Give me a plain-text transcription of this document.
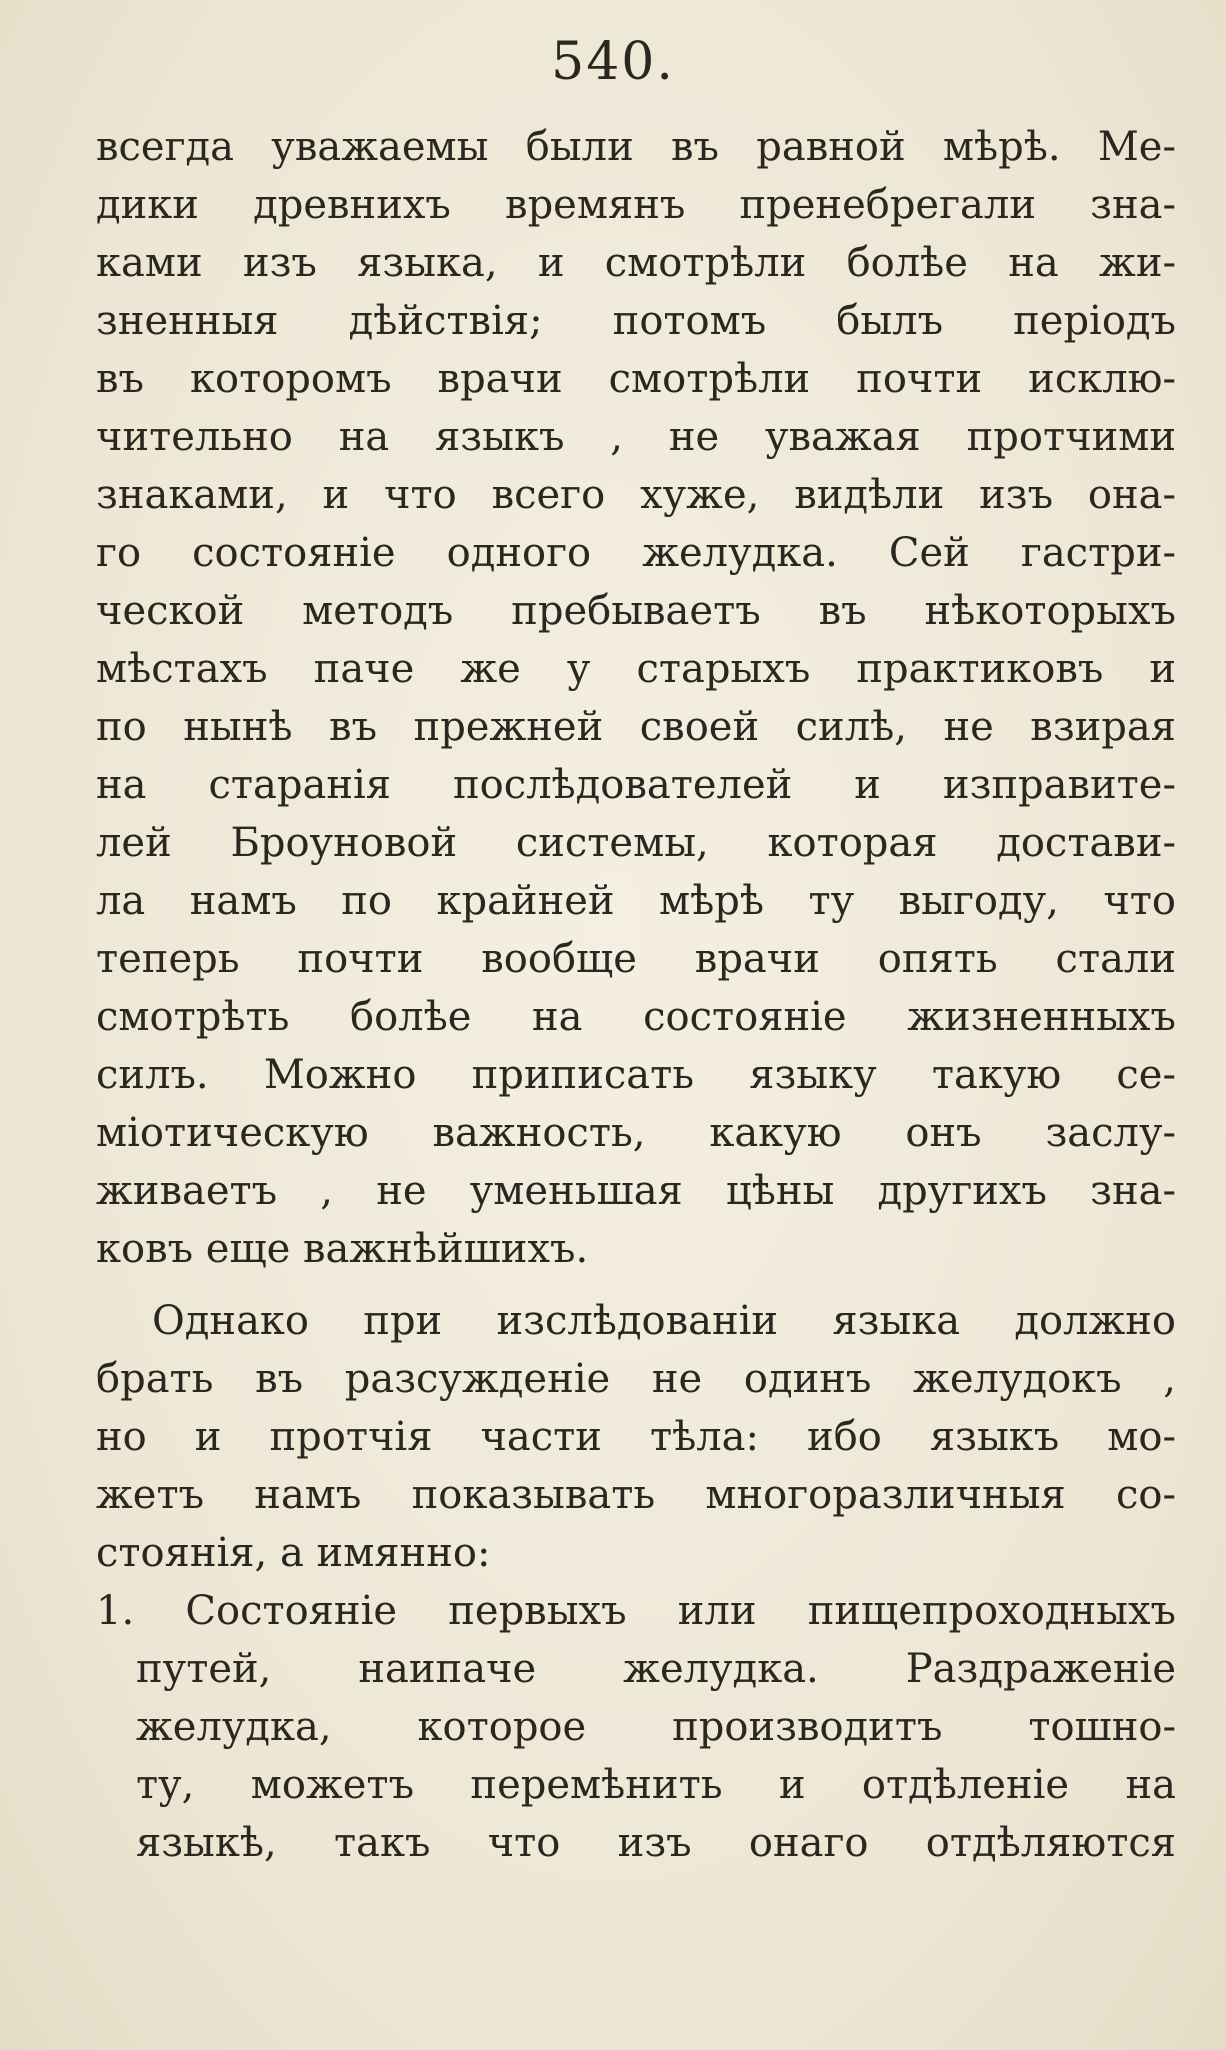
540.
всегда уважаемы были въ равной мѣрѣ. Ме-
дики древнихъ времянъ пренебрегали зна-
ками изъ языка, и смотрѣли болѣе на жи-
зненныя дѣйствія; потомъ былъ періодъ
въ которомъ врачи смотрѣли почти исклю-
чительно на языкъ , не уважая протчими
знаками, и что всего хуже, видѣли изъ она-
го состояніе одного желудка. Сей гастри-
ческой методъ пребываетъ въ нѣкоторыхъ
мѣстахъ паче же у старыхъ практиковъ и
по нынѣ въ прежней своей силѣ, не взирая
на старанія послѣдователей и изправите-
лей Броуновой системы, которая достави-
ла намъ по крайней мѣрѣ ту выгоду, что
теперь почти вообще врачи опять стали
смотрѣть болѣе на состояніе жизненныхъ
силъ. Можно приписать языку такую се-
міотическую важность, какую онъ заслу-
живаетъ , не уменьшая цѣны другихъ зна-
ковъ еще важнѣйшихъ.
Однако при изслѣдованіи языка должно
брать въ разсужденіе не одинъ желудокъ ,
но и протчія части тѣла: ибо языкъ мо-
жетъ намъ показывать многоразличныя со-
стоянія, а имянно:
1. Состояніе первыхъ или пищепроходныхъ
путей, наипаче желудка. Раздраженіе
желудка, которое производитъ тошно-
ту, можетъ перемѣнить и отдѣленіе на
языкѣ, такъ что изъ онаго отдѣляются
